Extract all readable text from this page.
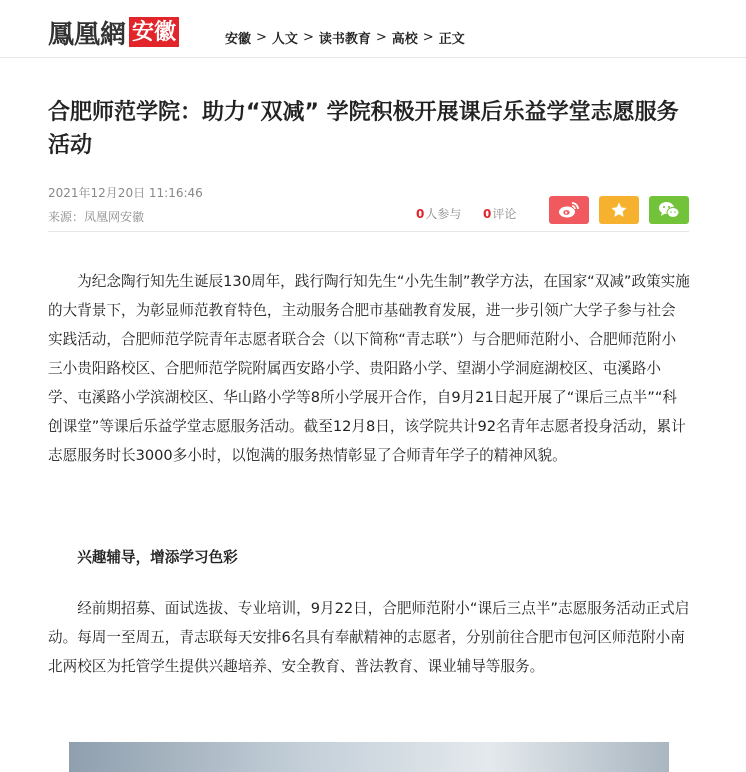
鳳凰網 安徽	安徽 > 人文 > 读书教育 > 高校 > 正文
合肥师范学院：助力“双减” 学院积极开展课后乐益学堂志愿服务活动
2021年12月20日 11:16:46
来源：凤凰网安徽	0 人参与 0 评论

为纪念陶行知先生诞辰130周年，践行陶行知先生“小先生制”教学方法，在国家“双减”政策实施的大背景下，为彰显师范教育特色，主动服务合肥市基础教育发展，进一步引领广大学子参与社会实践活动，合肥师范学院青年志愿者联合会（以下简称“青志联”）与合肥师范附小、合肥师范附小三小贵阳路校区、合肥师范学院附属西安路小学、贵阳路小学、望湖小学洞庭湖校区、屯溪路小学、屯溪路小学滨湖校区、华山路小学等8所小学展开合作，自9月21日起开展了“课后三点半”“科创课堂”等课后乐益学堂志愿服务活动。截至12月8日，该学院共计92名青年志愿者投身活动，累计志愿服务时长3000多小时，以饱满的服务热情彰显了合师青年学子的精神风貌。

兴趣辅导，增添学习色彩

经前期招募、面试选拔、专业培训，9月22日，合肥师范附小“课后三点半”志愿服务活动正式启动。每周一至周五，青志联每天安排6名具有奉献精神的志愿者，分别前往合肥市包河区师范附小南北两校区为托管学生提供兴趣培养、安全教育、普法教育、课业辅导等服务。
